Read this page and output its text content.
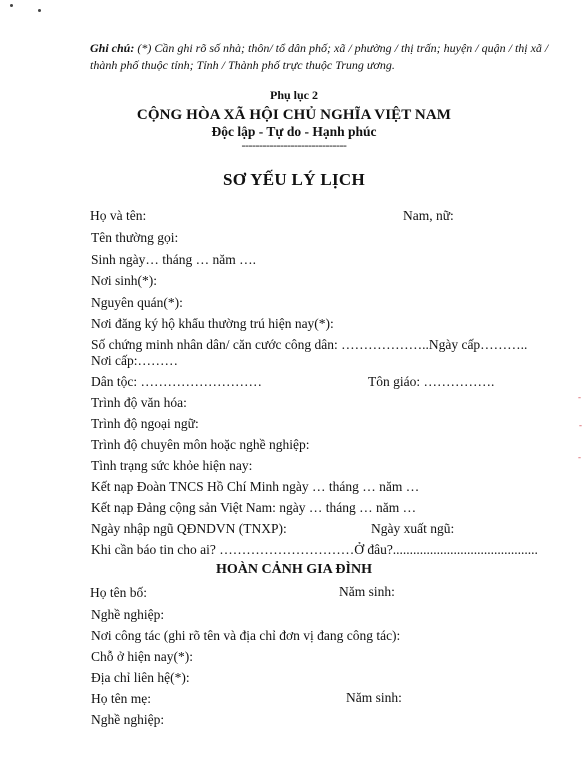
Ghi chú: (*) Cần ghi rõ số nhà; thôn/ tổ dân phố; xã / phường / thị trấn; huyện / quận / thị xã / thành phố thuộc tỉnh; Tỉnh / Thành phố trực thuộc Trung ương.
Phụ lục 2
CỘNG HÒA XÃ HỘI CHỦ NGHĨA VIỆT NAM
Độc lập - Tự do - Hạnh phúc
------------------------------
SƠ YẾU LÝ LỊCH
Họ và tên:	Nam, nữ:
Tên thường gọi:
Sinh ngày… tháng … năm ….
Nơi sinh(*):
Nguyên quán(*):
Nơi đăng ký hộ khẩu thường trú hiện nay(*):
Số chứng minh nhân dân/ căn cước công dân: ………………..Ngày cấp………..
Nơi cấp:………
Dân tộc: ………………………	Tôn giáo: …………….
Trình độ văn hóa:
Trình độ ngoại ngữ:
Trình độ chuyên môn hoặc nghề nghiệp:
Tình trạng sức khỏe hiện nay:
Kết nạp Đoàn TNCS Hồ Chí Minh ngày … tháng … năm …
Kết nạp Đảng cộng sản Việt Nam: ngày … tháng … năm …
Ngày nhập ngũ QĐNDVN (TNXP):	Ngày xuất ngũ:
Khi cần báo tin cho ai? …………………………Ở đâu?...........................................
HOÀN CẢNH GIA ĐÌNH
Họ tên bố:	Năm sinh:
Nghề nghiệp:
Nơi công tác (ghi rõ tên và địa chỉ đơn vị đang công tác):
Chỗ ở hiện nay(*):
Địa chỉ liên hệ(*):
Họ tên mẹ:	Năm sinh:
Nghề nghiệp:
-
-
-
